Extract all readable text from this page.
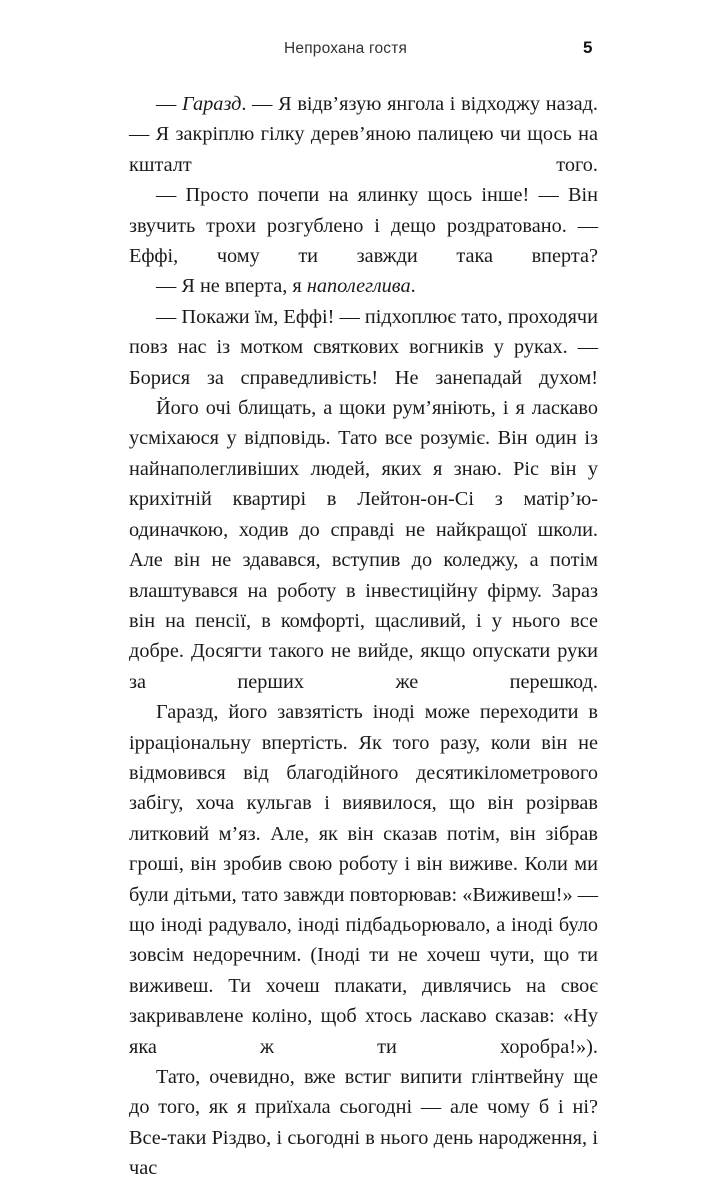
Непрохана гостя	5

— Гаразд. — Я відв’язую янгола і відходжу назад. — Я закріплю гілку дерев’яною палицею чи щось на кшталт того.

— Просто почепи на ялинку щось інше! — Він звучить трохи розгублено і дещо роздратовано. — Еффі, чому ти завжди така вперта?

— Я не вперта, я наполеглива.

— Покажи їм, Еффі! — підхоплює тато, проходячи повз нас із мотком святкових вогників у руках. — Борися за справедливість! Не занепадай духом!

Його очі блищать, а щоки рум’яніють, і я ласкаво усміхаюся у відповідь. Тато все розуміє. Він один із найнаполегливіших людей, яких я знаю. Ріс він у крихітній квартирі в Лейтон-он-Сі з матір’ю-одиначкою, ходив до справді не найкращої школи. Але він не здавався, вступив до коледжу, а потім влаштувався на роботу в інвестиційну фірму. Зараз він на пенсії, в комфорті, щасливий, і у нього все добре. Досягти такого не вийде, якщо опускати руки за перших же перешкод.

Гаразд, його завзятість іноді може переходити в ірраціональну впертість. Як того разу, коли він не відмовився від благодійного десятикілометрового забігу, хоча кульгав і виявилося, що він розірвав литковий м’яз. Але, як він сказав потім, він зібрав гроші, він зробив свою роботу і він виживе. Коли ми були дітьми, тато завжди повторював: «Виживеш!» — що іноді радувало, іноді підбадьорювало, а іноді було зовсім недоречним. (Іноді ти не хочеш чути, що ти виживеш. Ти хочеш плакати, дивлячись на своє закривавлене коліно, щоб хтось ласкаво сказав: «Ну яка ж ти хоробра!»).

Тато, очевидно, вже встиг випити глінтвейну ще до того, як я приїхала сьогодні — але чому б і ні? Все-таки Різдво, і сьогодні в нього день народження, і час
